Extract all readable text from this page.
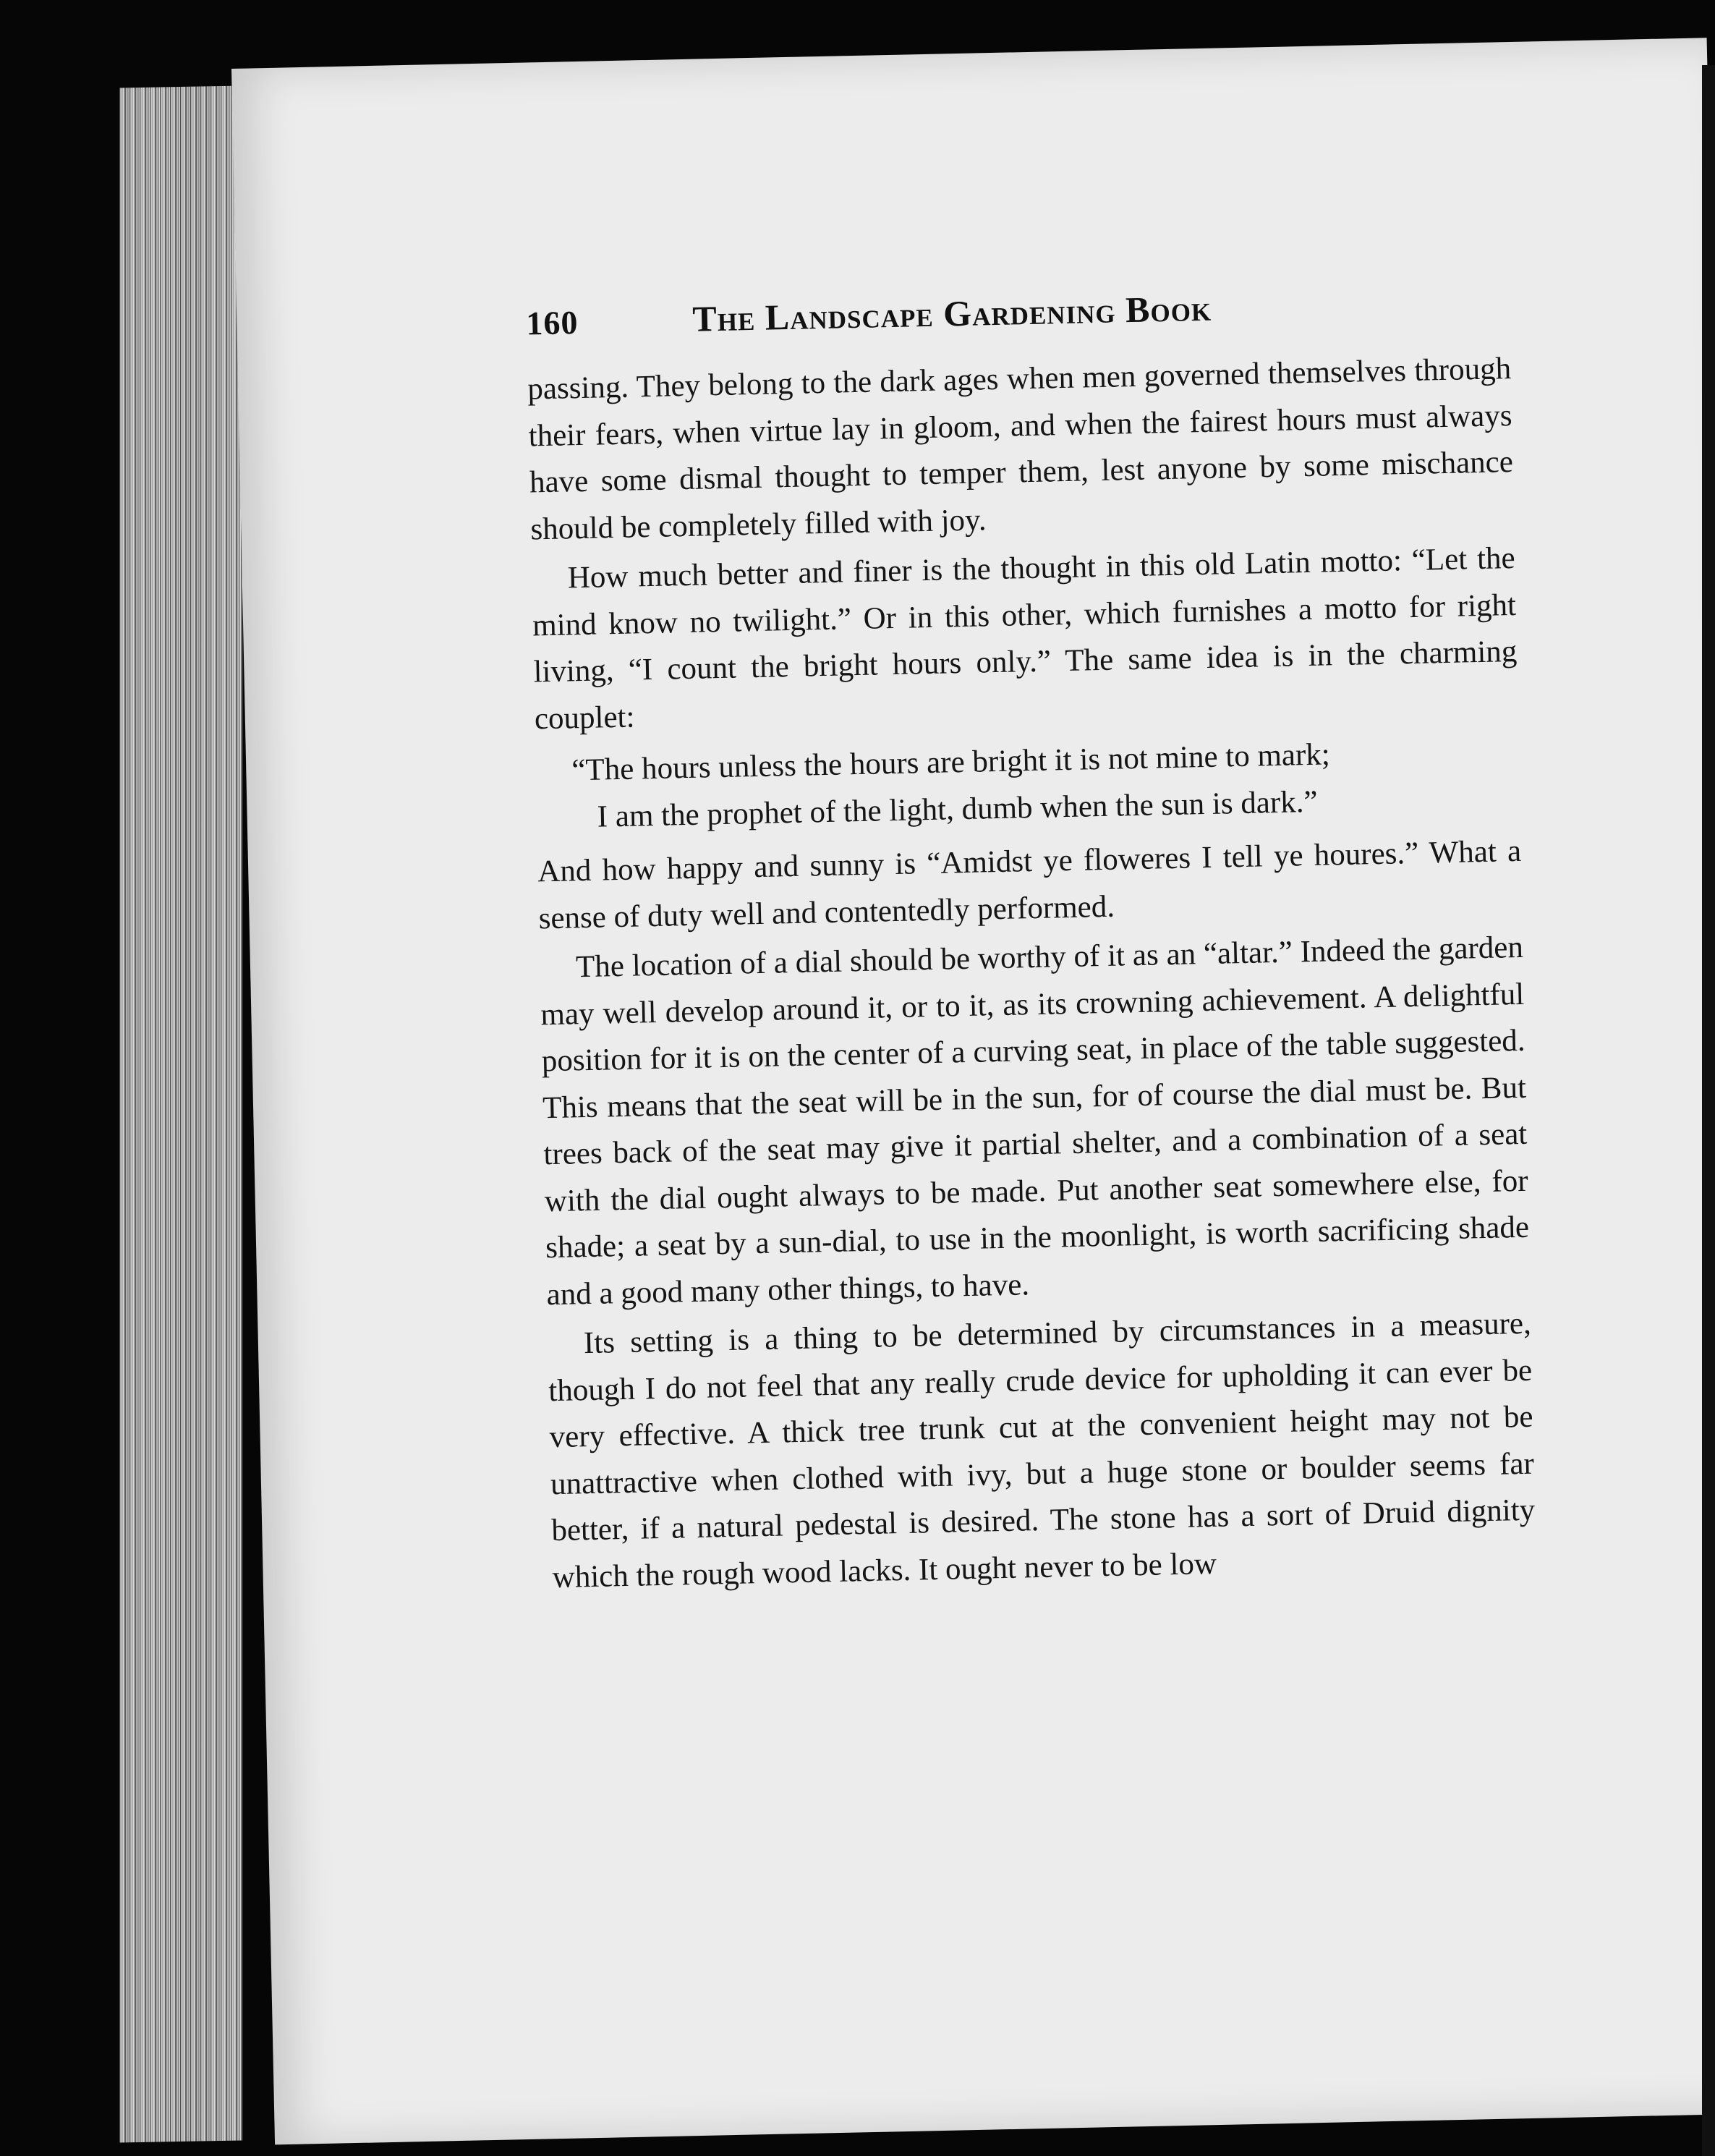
160	The Landscape Gardening Book

passing. They belong to the dark ages when men governed themselves through their fears, when virtue lay in gloom, and when the fairest hours must always have some dismal thought to temper them, lest anyone by some mischance should be completely filled with joy.

How much better and finer is the thought in this old Latin motto: “Let the mind know no twilight.” Or in this other, which furnishes a motto for right living, “I count the bright hours only.” The same idea is in the charming couplet:

“The hours unless the hours are bright it is not mine to mark;
I am the prophet of the light, dumb when the sun is dark.”

And how happy and sunny is “Amidst ye floweres I tell ye houres.” What a sense of duty well and contentedly performed.

The location of a dial should be worthy of it as an “altar.” Indeed the garden may well develop around it, or to it, as its crowning achievement. A delightful position for it is on the center of a curving seat, in place of the table suggested. This means that the seat will be in the sun, for of course the dial must be. But trees back of the seat may give it partial shelter, and a combination of a seat with the dial ought always to be made. Put another seat somewhere else, for shade; a seat by a sun-dial, to use in the moonlight, is worth sacrificing shade and a good many other things, to have.

Its setting is a thing to be determined by circumstances in a measure, though I do not feel that any really crude device for upholding it can ever be very effective. A thick tree trunk cut at the convenient height may not be unattractive when clothed with ivy, but a huge stone or boulder seems far better, if a natural pedestal is desired. The stone has a sort of Druid dignity which the rough wood lacks. It ought never to be low
